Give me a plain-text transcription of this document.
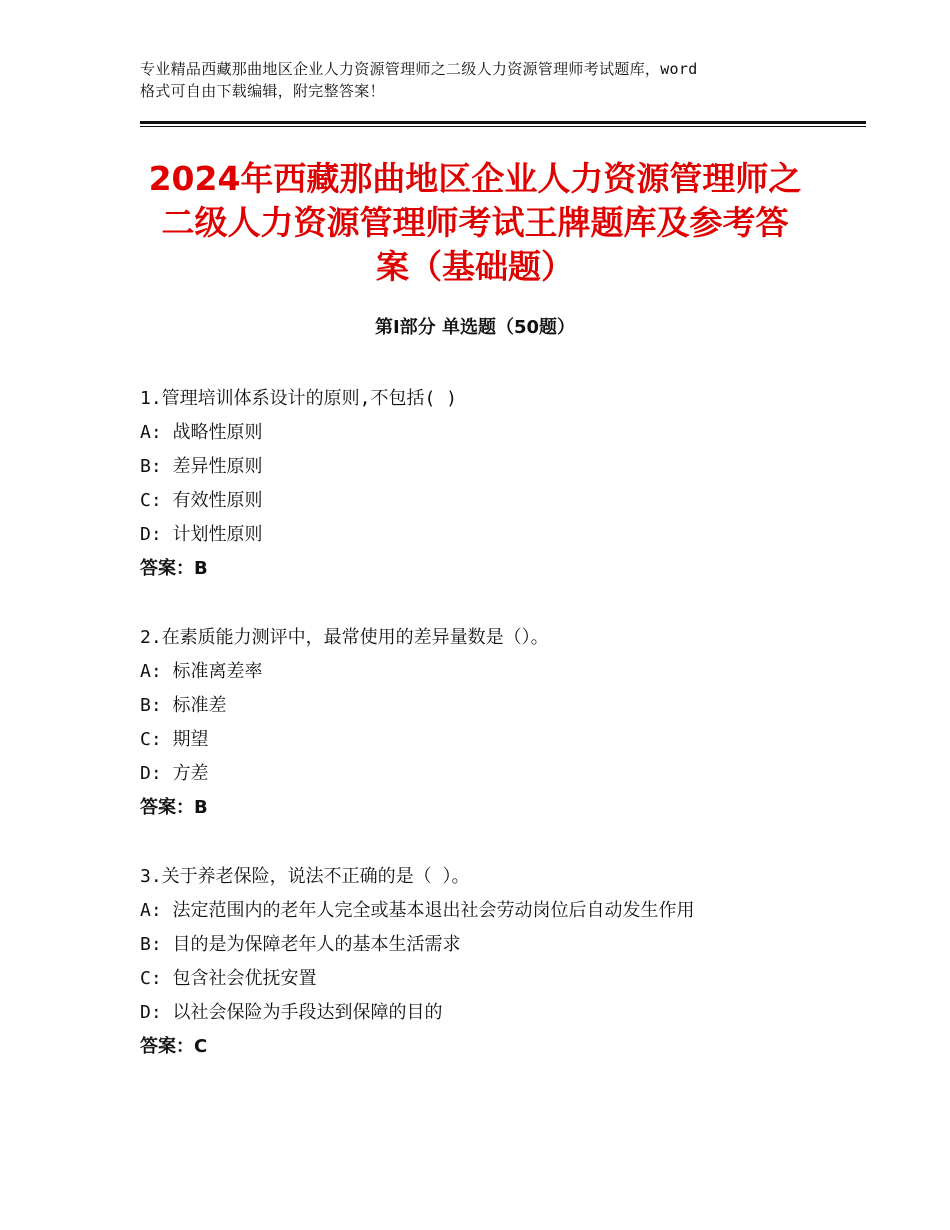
专业精品西藏那曲地区企业人力资源管理师之二级人力资源管理师考试题库，word
格式可自由下载编辑，附完整答案！
2024年西藏那曲地区企业人力资源管理师之
二级人力资源管理师考试王牌题库及参考答
案（基础题）
第Ⅰ部分 单选题（50题）
1.管理培训体系设计的原则,不包括( )
A: 战略性原则
B: 差异性原则
C: 有效性原则
D: 计划性原则
答案：B
2.在素质能力测评中，最常使用的差异量数是（）。
A: 标准离差率
B: 标准差
C: 期望
D: 方差
答案：B
3.关于养老保险，说法不正确的是（ ）。
A: 法定范围内的老年人完全或基本退出社会劳动岗位后自动发生作用
B: 目的是为保障老年人的基本生活需求
C: 包含社会优抚安置
D: 以社会保险为手段达到保障的目的
答案：C
